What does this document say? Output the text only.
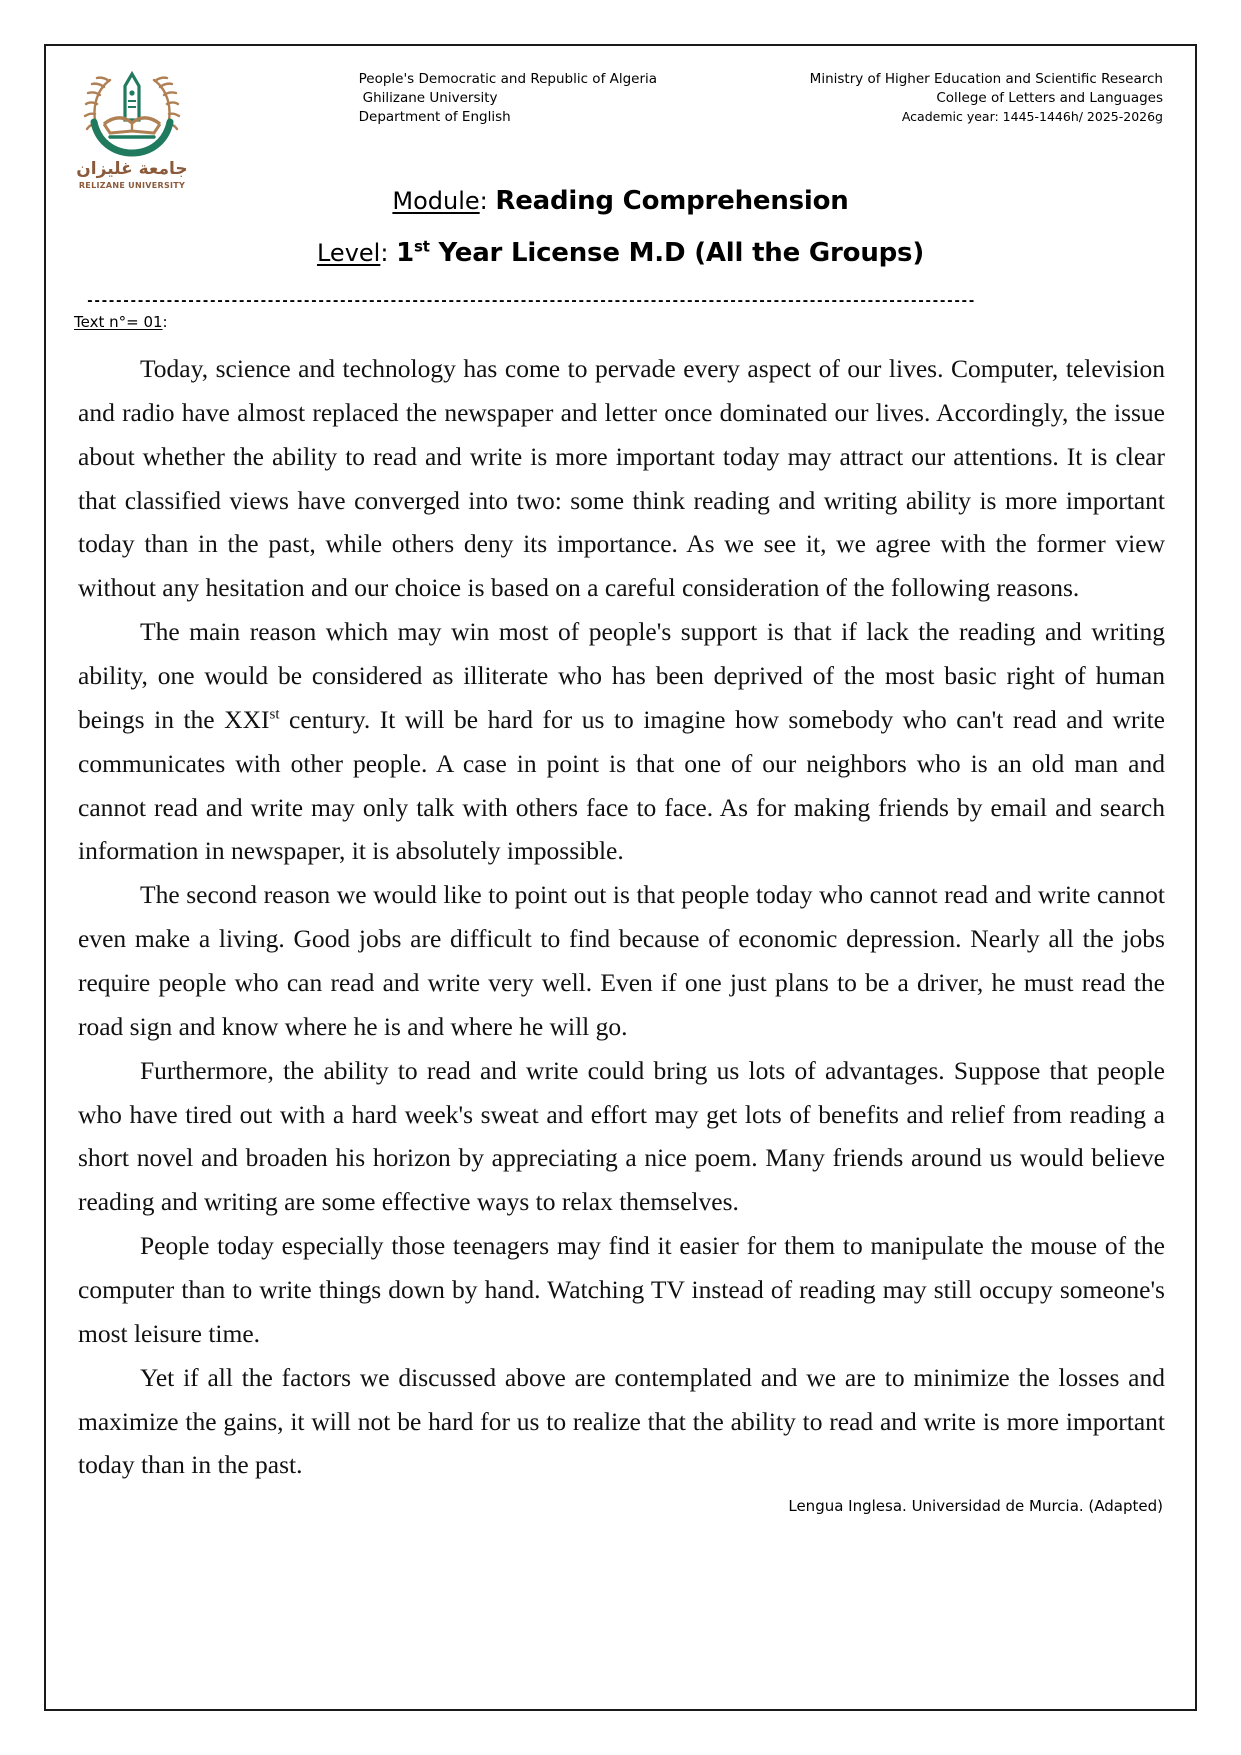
جامعة غليزان
RELIZANE UNIVERSITY
People's Democratic and Republic of Algeria
Ghilizane University
Department of English
Ministry of Higher Education and Scientific Research
College of Letters and Languages
Academic year: 1445-1446h/ 2025-2026g
Module: Reading Comprehension
Level: 1st Year License M.D (All the Groups)
---------------------------------------------------------------------------------------------------------------------------
Text n°= 01:

Today, science and technology has come to pervade every aspect of our lives. Computer, television and radio have almost replaced the newspaper and letter once dominated our lives. Accordingly, the issue about whether the ability to read and write is more important today may attract our attentions. It is clear that classified views have converged into two: some think reading and writing ability is more important today than in the past, while others deny its importance. As we see it, we agree with the former view without any hesitation and our choice is based on a careful consideration of the following reasons.

The main reason which may win most of people's support is that if lack the reading and writing ability, one would be considered as illiterate who has been deprived of the most basic right of human beings in the XXIst century. It will be hard for us to imagine how somebody who can't read and write communicates with other people. A case in point is that one of our neighbors who is an old man and cannot read and write may only talk with others face to face. As for making friends by email and search information in newspaper, it is absolutely impossible.

The second reason we would like to point out is that people today who cannot read and write cannot even make a living. Good jobs are difficult to find because of economic depression. Nearly all the jobs require people who can read and write very well. Even if one just plans to be a driver, he must read the road sign and know where he is and where he will go.

Furthermore, the ability to read and write could bring us lots of advantages. Suppose that people who have tired out with a hard week's sweat and effort may get lots of benefits and relief from reading a short novel and broaden his horizon by appreciating a nice poem. Many friends around us would believe reading and writing are some effective ways to relax themselves.

People today especially those teenagers may find it easier for them to manipulate the mouse of the computer than to write things down by hand. Watching TV instead of reading may still occupy someone's most leisure time.

Yet if all the factors we discussed above are contemplated and we are to minimize the losses and maximize the gains, it will not be hard for us to realize that the ability to read and write is more important today than in the past.

Lengua Inglesa. Universidad de Murcia. (Adapted)
